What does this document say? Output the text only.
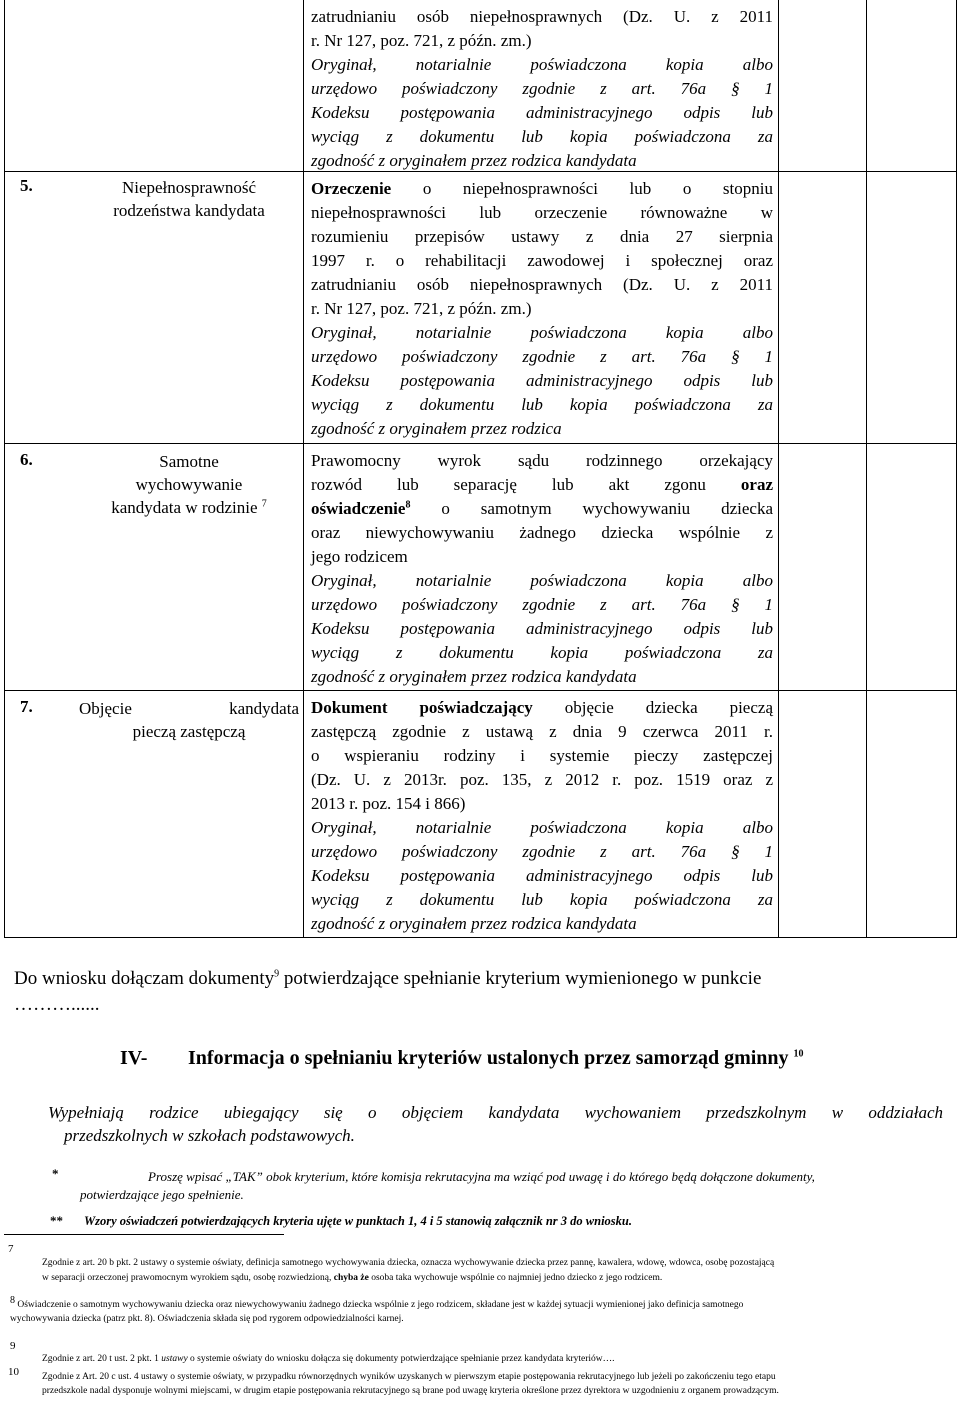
zatrudnianiu osób niepełnosprawnych (Dz. U. z 2011

r. Nr 127, poz. 721, z późn. zm.)

Oryginał, notarialnie poświadczona kopia albo

urzędowo poświadczony zgodnie z art. 76a § 1

Kodeksu postępowania administracyjnego odpis lub

wyciąg z dokumentu lub kopia poświadczona za

zgodność z oryginałem przez rodzica kandydata

5.	Niepełnosprawność
rodzeństwa kandydata

Orzeczenie o niepełnosprawności lub o stopniu

niepełnosprawności lub orzeczenie równoważne w

rozumieniu przepisów ustawy z dnia 27 sierpnia

1997 r. o rehabilitacji zawodowej i społecznej oraz

zatrudnianiu osób niepełnosprawnych (Dz. U. z 2011

r. Nr 127, poz. 721, z późn. zm.)

Oryginał, notarialnie poświadczona kopia albo

urzędowo poświadczony zgodnie z art. 76a § 1

Kodeksu postępowania administracyjnego odpis lub

wyciąg z dokumentu lub kopia poświadczona za

zgodność z oryginałem przez rodzica

6.	Samotne
wychowywanie
kandydata w rodzinie $^7$

Prawomocny wyrok sądu rodzinnego orzekający

rozwód lub separację lub akt zgonu oraz

oświadczenie$^8$ o samotnym wychowywaniu dziecka

oraz niewychowywaniu żadnego dziecka wspólnie z

jego rodzicem

Oryginał, notarialnie poświadczona kopia albo

urzędowo poświadczony zgodnie z art. 76a § 1

Kodeksu postępowania administracyjnego odpis lub

wyciąg z dokumentu kopia poświadczona za

zgodność z oryginałem przez rodzica kandydata

7.	Objęcie kandydata
pieczą zastępczą

Dokument poświadczający objęcie dziecka pieczą

zastępczą zgodnie z ustawą z dnia 9 czerwca 2011 r.

o wspieraniu rodziny i systemie pieczy zastępczej

(Dz. U. z 2013r. poz. 135, z 2012 r. poz. 1519 oraz z

2013 r. poz. 154 i 866)

Oryginał, notarialnie poświadczona kopia albo

urzędowo poświadczony zgodnie z art. 76a § 1

Kodeksu postępowania administracyjnego odpis lub

wyciąg z dokumentu lub kopia poświadczona za

zgodność z oryginałem przez rodzica kandydata

Do wniosku dołączam dokumenty$^9$ potwierdzające spełnianie kryterium wymienionego w punkcie
………......
IV- Informacja o spełnianiu kryteriów ustalonych przez samorząd gminny $^{10}$
Wypełniają rodzice ubiegający się o objęciem kandydata wychowaniem przedszkolnym w oddziałach
przedszkolnych w szkołach podstawowych.
*	Proszę wpisać „TAK” obok kryterium, które komisja rekrutacyjna ma wziąć pod uwagę i do którego będą dołączone dokumenty,
potwierdzające jego spełnienie.
** Wzory oświadczeń potwierdzających kryteria ujęte w punktach 1, 4 i 5 stanowią załącznik nr 3 do wniosku.
7
Zgodnie z art. 20 b pkt. 2 ustawy o systemie oświaty, definicja samotnego wychowywania dziecka, oznacza wychowywanie dziecka przez pannę, kawalera, wdowę, wdowca, osobę pozostającą
w separacji orzeczonej prawomocnym wyrokiem sądu, osobę rozwiedzioną, chyba że osoba taka wychowuje wspólnie co najmniej jedno dziecko z jego rodzicem.
8 Oświadczenie o samotnym wychowywaniu dziecka oraz niewychowywaniu żadnego dziecka wspólnie z jego rodzicem, składane jest w każdej sytuacji wymienionej jako definicja samotnego
wychowywania dziecka (patrz pkt. 8). Oświadczenia składa się pod rygorem odpowiedzialności karnej.
9
Zgodnie z art. 20 t ust. 2 pkt. 1 ustawy o systemie oświaty do wniosku dołącza się dokumenty potwierdzające spełnianie przez kandydata kryteriów….
10 Zgodnie z Art. 20 c ust. 4 ustawy o systemie oświaty, w przypadku równorzędnych wyników uzyskanych w pierwszym etapie postępowania rekrutacyjnego lub jeżeli po zakończeniu tego etapu
przedszkole nadal dysponuje wolnymi miejscami, w drugim etapie postępowania rekrutacyjnego są brane pod uwagę kryteria określone przez dyrektora w uzgodnieniu z organem prowadzącym.
